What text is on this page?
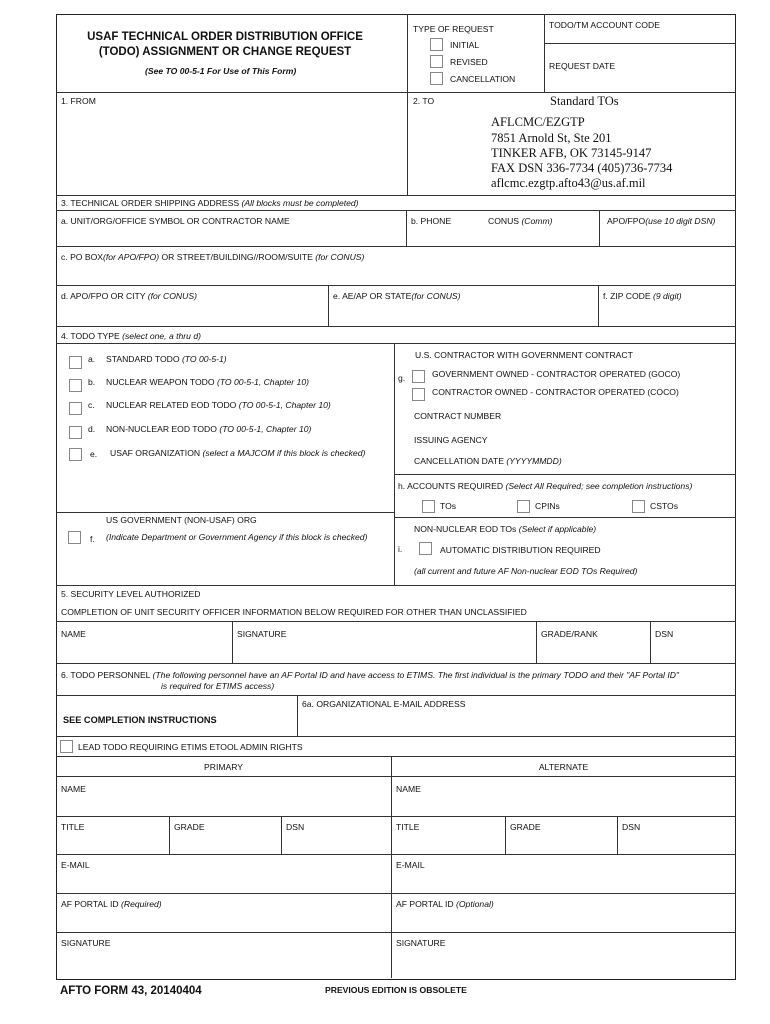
USAF TECHNICAL ORDER DISTRIBUTION OFFICE
(TODO) ASSIGNMENT OR CHANGE REQUEST
(See TO 00-5-1 For Use of This Form)
TYPE OF REQUEST
INITIAL
REVISED
CANCELLATION
TODO/TM ACCOUNT CODE
REQUEST DATE
1. FROM	2. TO	Standard TOs
AFLCMC/EZGTP
7851 Arnold St, Ste 201
TINKER AFB, OK 73145-9147
FAX DSN 336-7734 (405)736-7734
aflcmc.ezgtp.afto43@us.af.mil
3. TECHNICAL ORDER SHIPPING ADDRESS (All blocks must be completed)
a. UNIT/ORG/OFFICE SYMBOL OR CONTRACTOR NAME	b. PHONE	CONUS (Comm)	APO/FPO(use 10 digit DSN)
c. PO BOX(for APO/FPO) OR STREET/BUILDING//ROOM/SUITE (for CONUS)
d. APO/FPO OR CITY (for CONUS)	e. AE/AP OR STATE(for CONUS)	f. ZIP CODE (9 digit)
4. TODO TYPE (select one, a thru d)
a. STANDARD TODO (TO 00-5-1)
b. NUCLEAR WEAPON TODO (TO 00-5-1, Chapter 10)
c. NUCLEAR RELATED EOD TODO (TO 00-5-1, Chapter 10)
d. NON-NUCLEAR EOD TODO (TO 00-5-1, Chapter 10)
e. USAF ORGANIZATION (select a MAJCOM if this block is checked)
US GOVERNMENT (NON-USAF) ORG
f. (Indicate Department or Government Agency if this block is checked)
U.S. CONTRACTOR WITH GOVERNMENT CONTRACT
g.	GOVERNMENT OWNED - CONTRACTOR OPERATED (GOCO)
CONTRACTOR OWNED - CONTRACTOR OPERATED (COCO)
CONTRACT NUMBER
ISSUING AGENCY
CANCELLATION DATE (YYYYMMDD)
h. ACCOUNTS REQUIRED (Select All Required; see completion instructions)
TOs	CPINs	CSTOs
NON-NUCLEAR EOD TOs (Select if applicable)
i.	AUTOMATIC DISTRIBUTION REQUIRED
(all current and future AF Non-nuclear EOD TOs Required)
5. SECURITY LEVEL AUTHORIZED
COMPLETION OF UNIT SECURITY OFFICER INFORMATION BELOW REQUIRED FOR OTHER THAN UNCLASSIFIED
NAME	SIGNATURE	GRADE/RANK	DSN
6. TODO PERSONNEL (The following personnel have an AF Portal ID and have access to ETIMS. The first individual is the primary TODO and their "AF Portal ID"
is required for ETIMS access)
6a. ORGANIZATIONAL E-MAIL ADDRESS
SEE COMPLETION INSTRUCTIONS
LEAD TODO REQUIRING ETIMS ETOOL ADMIN RIGHTS
PRIMARY	ALTERNATE
NAME	NAME
TITLE	GRADE	DSN	TITLE	GRADE	DSN
E-MAIL	E-MAIL
AF PORTAL ID (Required)	AF PORTAL ID (Optional)
SIGNATURE	SIGNATURE
AFTO FORM 43, 20140404	PREVIOUS EDITION IS OBSOLETE
